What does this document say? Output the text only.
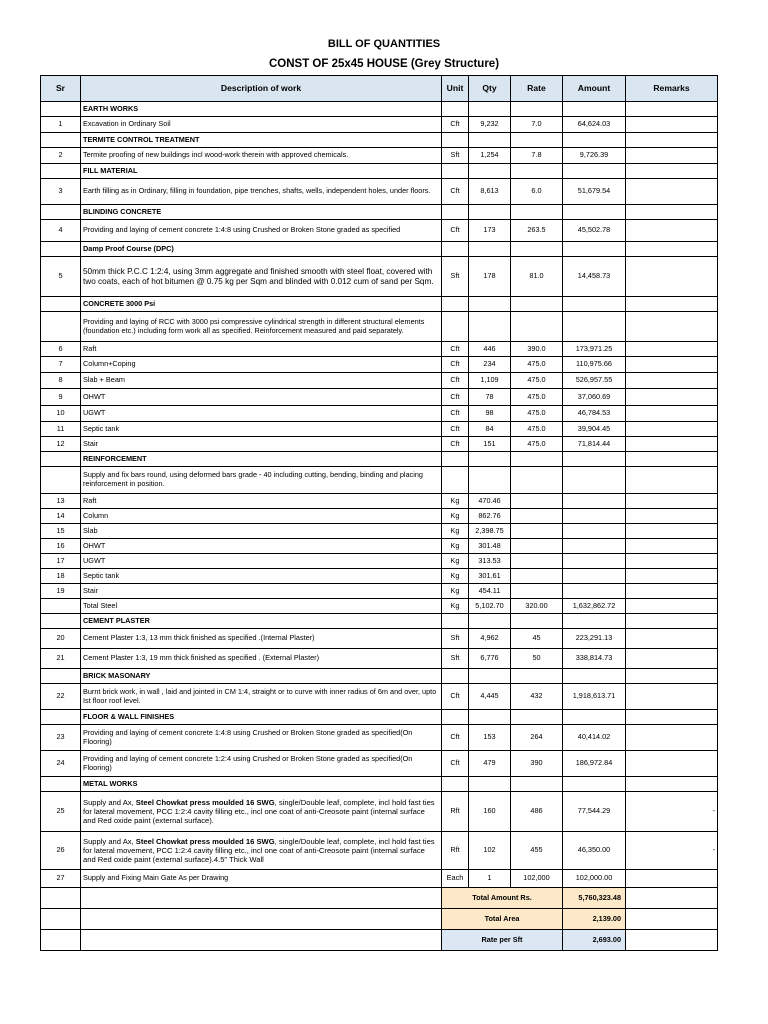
BILL OF QUANTITIES
CONST OF 25x45 HOUSE (Grey Structure)
Sr	Description of work	Unit	Qty	Rate	Amount	Remarks
	EARTH WORKS					
1	Excavation in Ordinary Soil	Cft	9,232	7.0	64,624.03	
	TERMITE CONTROL TREATMENT					
2	Termite proofing of new buildings incl wood-work therein with approved chemicals.	Sft	1,254	7.8	9,726.39	
	FILL MATERIAL					
3	Earth filling as in Ordinary, filling in foundation, pipe trenches, shafts, wells, independent holes, under floors.	Cft	8,613	6.0	51,679.54	
	BLINDING CONCRETE					
4	Providing and laying of cement concrete 1:4:8 using Crushed or Broken Stone graded as specified	Cft	173	263.5	45,502.78	
	Damp Proof Course (DPC)					
5	50mm thick P.C.C 1:2:4, using 3mm aggregate and finished smooth with steel float, covered with two coats, each of hot bitumen @ 0.75 kg per Sqm and blinded with 0.012 cum of sand per Sqm.	Sft	178	81.0	14,458.73	
	CONCRETE 3000 Psi					
	Providing and laying of RCC with 3000 psi compressive cylindrical strength in different structural elements (foundation etc.) including form work all as specified. Reinforcement measured and paid separately.					
6	Raft	Cft	446	390.0	173,971.25	
7	Column+Coping	Cft	234	475.0	110,975.66	
8	Slab + Beam	Cft	1,109	475.0	526,957.55	
9	OHWT	Cft	78	475.0	37,060.69	
10	UGWT	Cft	98	475.0	46,784.53	
11	Septic tank	Cft	84	475.0	39,904.45	
12	Stair	Cft	151	475.0	71,814.44	
	REINFORCEMENT					
	Supply and fix bars round, using deformed bars grade - 40 including cutting, bending, binding and placing reinforcement in position.					
13	Raft	Kg	470.46			
14	Column	Kg	862.76			
15	Slab	Kg	2,398.75			
16	OHWT	Kg	301.48			
17	UGWT	Kg	313.53			
18	Septic tank	Kg	301.61			
19	Stair	Kg	454.11			
	Total Steel	Kg	5,102.70	320.00	1,632,862.72	
	CEMENT PLASTER					
20	Cement Plaster 1:3, 13 mm thick finished as specified .(Internal Plaster)	Sft	4,962	45	223,291.13	
21	Cement Plaster 1:3, 19 mm thick finished as specified . (External Plaster)	Sft	6,776	50	338,814.73	
	BRICK MASONARY					
22	Burnt brick work, in wall , laid and jointed in CM 1:4, straight or to curve with inner radius of 6m and over, upto Ist floor roof level.	Cft	4,445	432	1,918,613.71	
	FLOOR & WALL FINISHES					
23	Providing and laying of cement concrete 1:4:8 using Crushed or Broken Stone graded as specified(On Flooring)	Cft	153	264	40,414.02	
24	Providing and laying of cement concrete 1:2:4 using Crushed or Broken Stone graded as specified(On Flooring)	Cft	479	390	186,972.84	
	METAL WORKS					
25	Supply and Ax, Steel Chowkat press moulded 16 SWG, single/Double leaf, complete, incl hold fast ties for lateral movement, PCC 1:2:4 cavity filling etc., incl one coat of anti-Creosote paint (internal surface and Red oxide paint (external surface).	Rft	160	486	77,544.29	-
26	Supply and Ax, Steel Chowkat press moulded 16 SWG, single/Double leaf, complete, incl hold fast ties for lateral movement, PCC 1:2:4 cavity filling etc., incl one coat of anti-Creosote paint (internal surface and Red oxide paint (external surface).4.5" Thick Wall	Rft	102	455	46,350.00	-
27	Supply and Fixing Main Gate As per Drawing	Each	1	102,000	102,000.00	
		Total Amount Rs.			5,760,323.48	
		Total Area			2,139.00	
		Rate per Sft			2,693.00	
